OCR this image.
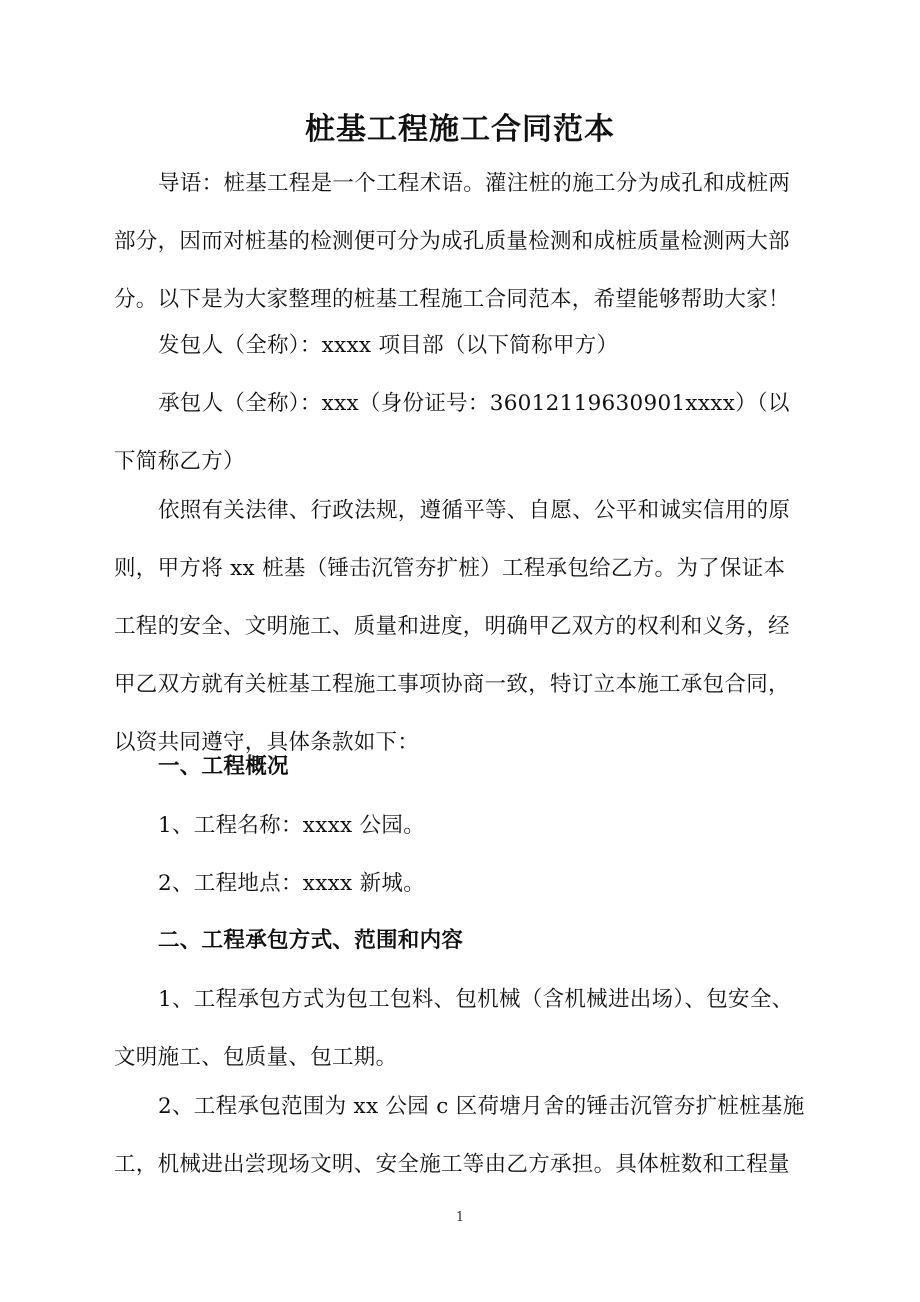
桩基工程施工合同范本

导语：桩基工程是一个工程术语。灌注桩的施工分为成孔和成桩两部分，因而对桩基的检测便可分为成孔质量检测和成桩质量检测两大部分。以下是为大家整理的桩基工程施工合同范本，希望能够帮助大家！

发包人（全称）：xxxx 项目部（以下简称甲方）

承包人（全称）：xxx（身份证号：36012119630901xxxx）（以下简称乙方）

依照有关法律、行政法规，遵循平等、自愿、公平和诚实信用的原则，甲方将 xx 桩基（锤击沉管夯扩桩）工程承包给乙方。为了保证本工程的安全、文明施工、质量和进度，明确甲乙双方的权利和义务，经甲乙双方就有关桩基工程施工事项协商一致，特订立本施工承包合同，以资共同遵守，具体条款如下：

一、工程概况

1、工程名称：xxxx 公园。

2、工程地点：xxxx 新城。

二、工程承包方式、范围和内容

1、工程承包方式为包工包料、包机械（含机械进出场）、包安全、文明施工、包质量、包工期。

2、工程承包范围为 xx 公园 c 区荷塘月舍的锤击沉管夯扩桩桩基施工，机械进出尝现场文明、安全施工等由乙方承担。具体桩数和工程量

1
